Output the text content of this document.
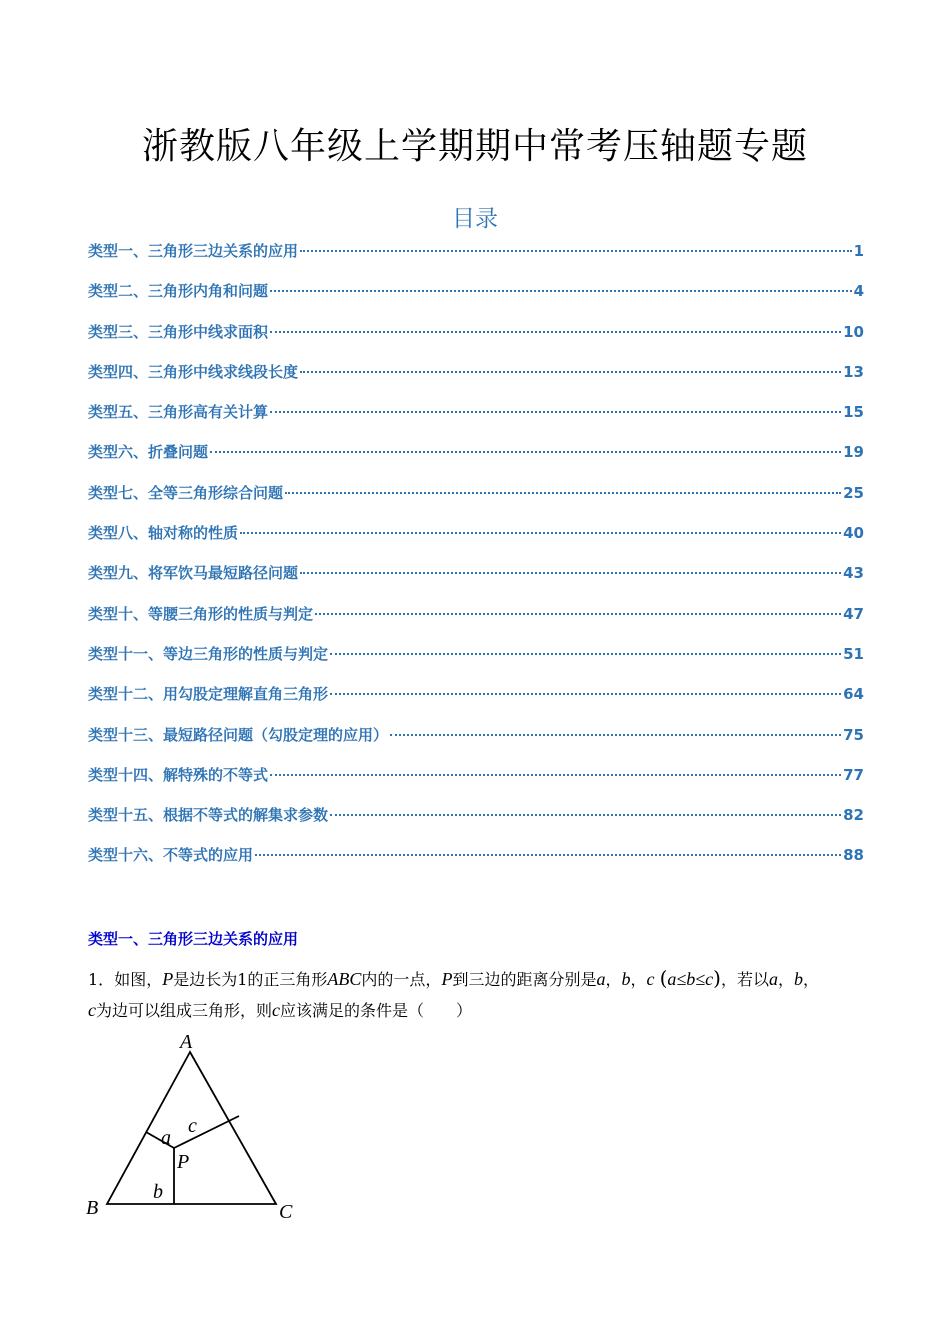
浙教版八年级上学期期中常考压轴题专题
目录
类型一、三角形三边关系的应用	1
类型二、三角形内角和问题	4
类型三、三角形中线求面积	10
类型四、三角形中线求线段长度	13
类型五、三角形高有关计算	15
类型六、折叠问题	19
类型七、全等三角形综合问题	25
类型八、轴对称的性质	40
类型九、将军饮马最短路径问题	43
类型十、等腰三角形的性质与判定	47
类型十一、等边三角形的性质与判定	51
类型十二、用勾股定理解直角三角形	64
类型十三、最短路径问题（勾股定理的应用）	75
类型十四、解特殊的不等式	77
类型十五、根据不等式的解集求参数	82
类型十六、不等式的应用	88
类型一、三角形三边关系的应用
1．如图，P是边长为1的正三角形ABC内的一点，P到三边的距离分别是a，b，c (a≤b≤c)，若以a，b，
c为边可以组成三角形，则c应该满足的条件是（　　）
A
B	C
P
a
b
c
